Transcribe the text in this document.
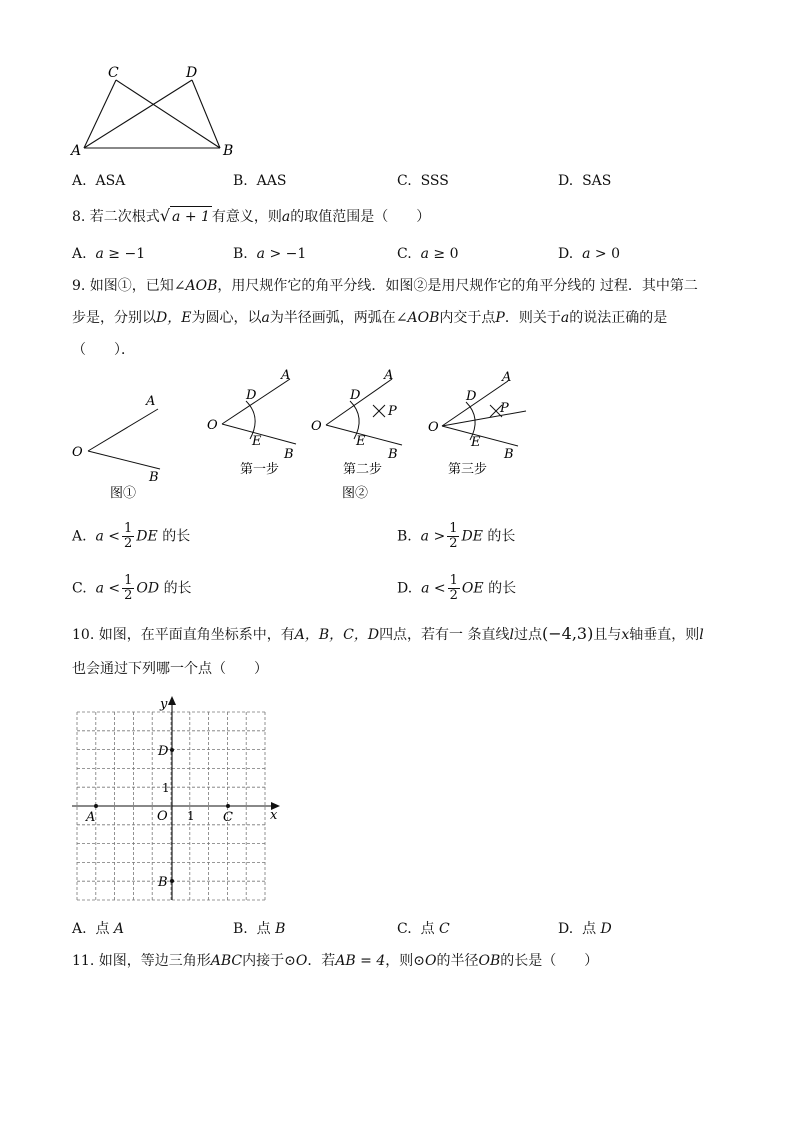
C	D
A	B
A. ASA	B. AAS	C. SSS	D. SAS
8. 若二次根式√ a + 1 有意义，则a的取值范围是（　　）
A. a ≥ −1	B. a > −1	C. a ≥ 0	D. a > 0
9. 如图①，已知∠AOB，用尺规作它的角平分线．如图②是用尺规作它的角平分线的 过程．其中第二
步是，分别以D，E为圆心，以a为半径画弧，两弧在∠AOB内交于点P．则关于a的说法正确的是
（　　）．
A
O
B
图①
A
D
O
E
B
第一步
A
D
P
O
E
B
第二步
图②
A
D
P
O
E
B
第三步
A. $a < \frac{1}{2}$ DE 的长	B. $a > \frac{1}{2}$ DE 的长
C. $a < \frac{1}{2}$ OD 的长	D. $a < \frac{1}{2}$ OE 的长
10. 如图，在平面直角坐标系中，有A，B，C，D四点，若有一 条直线l过点(−4,3)且与x轴垂直，则l
也会通过下列哪一个点（　　）
x
y
O 1
1
A
B
C
D
A. 点 A	B. 点 B	C. 点 C	D. 点 D
11. 如图，等边三角形ABC内接于⊙O．若AB = 4，则⊙O的半径OB的长是（　　）
